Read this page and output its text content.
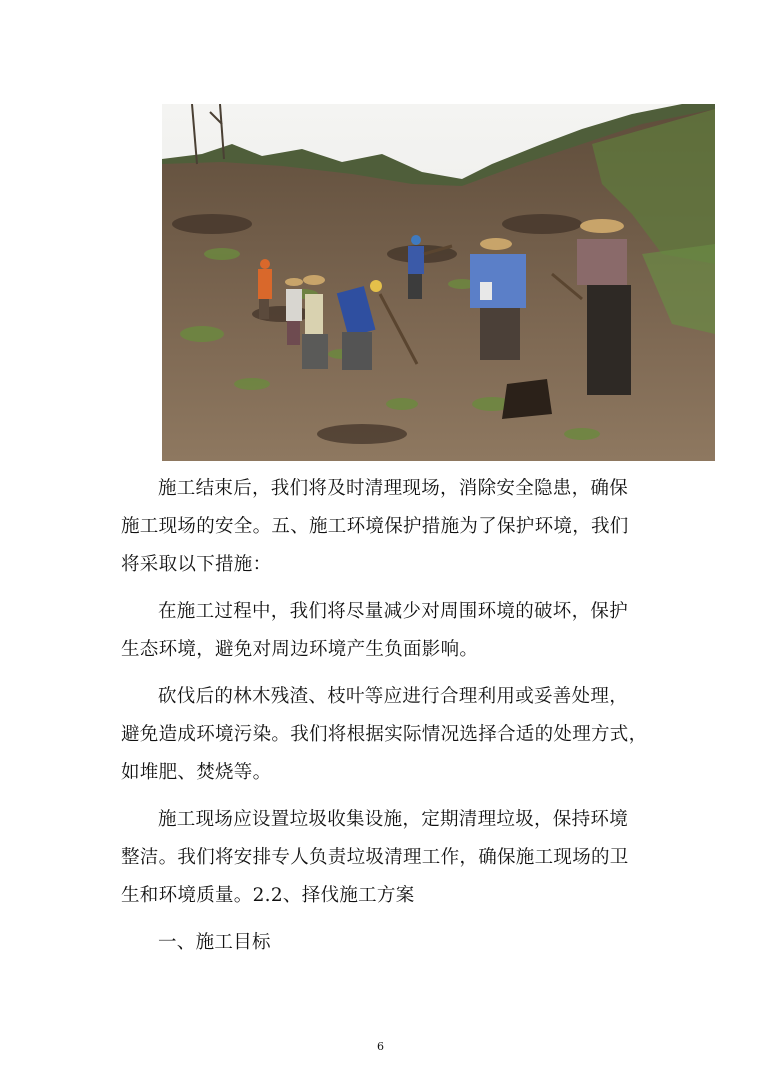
施工结束后，我们将及时清理现场，消除安全隐患，确保
施工现场的安全。五、施工环境保护措施为了保护环境，我们
将采取以下措施：

在施工过程中，我们将尽量减少对周围环境的破坏，保护
生态环境，避免对周边环境产生负面影响。

砍伐后的林木残渣、枝叶等应进行合理利用或妥善处理，
避免造成环境污染。我们将根据实际情况选择合适的处理方式，
如堆肥、焚烧等。

施工现场应设置垃圾收集设施，定期清理垃圾，保持环境
整洁。我们将安排专人负责垃圾清理工作，确保施工现场的卫
生和环境质量。2.2、择伐施工方案

一、施工目标

6
